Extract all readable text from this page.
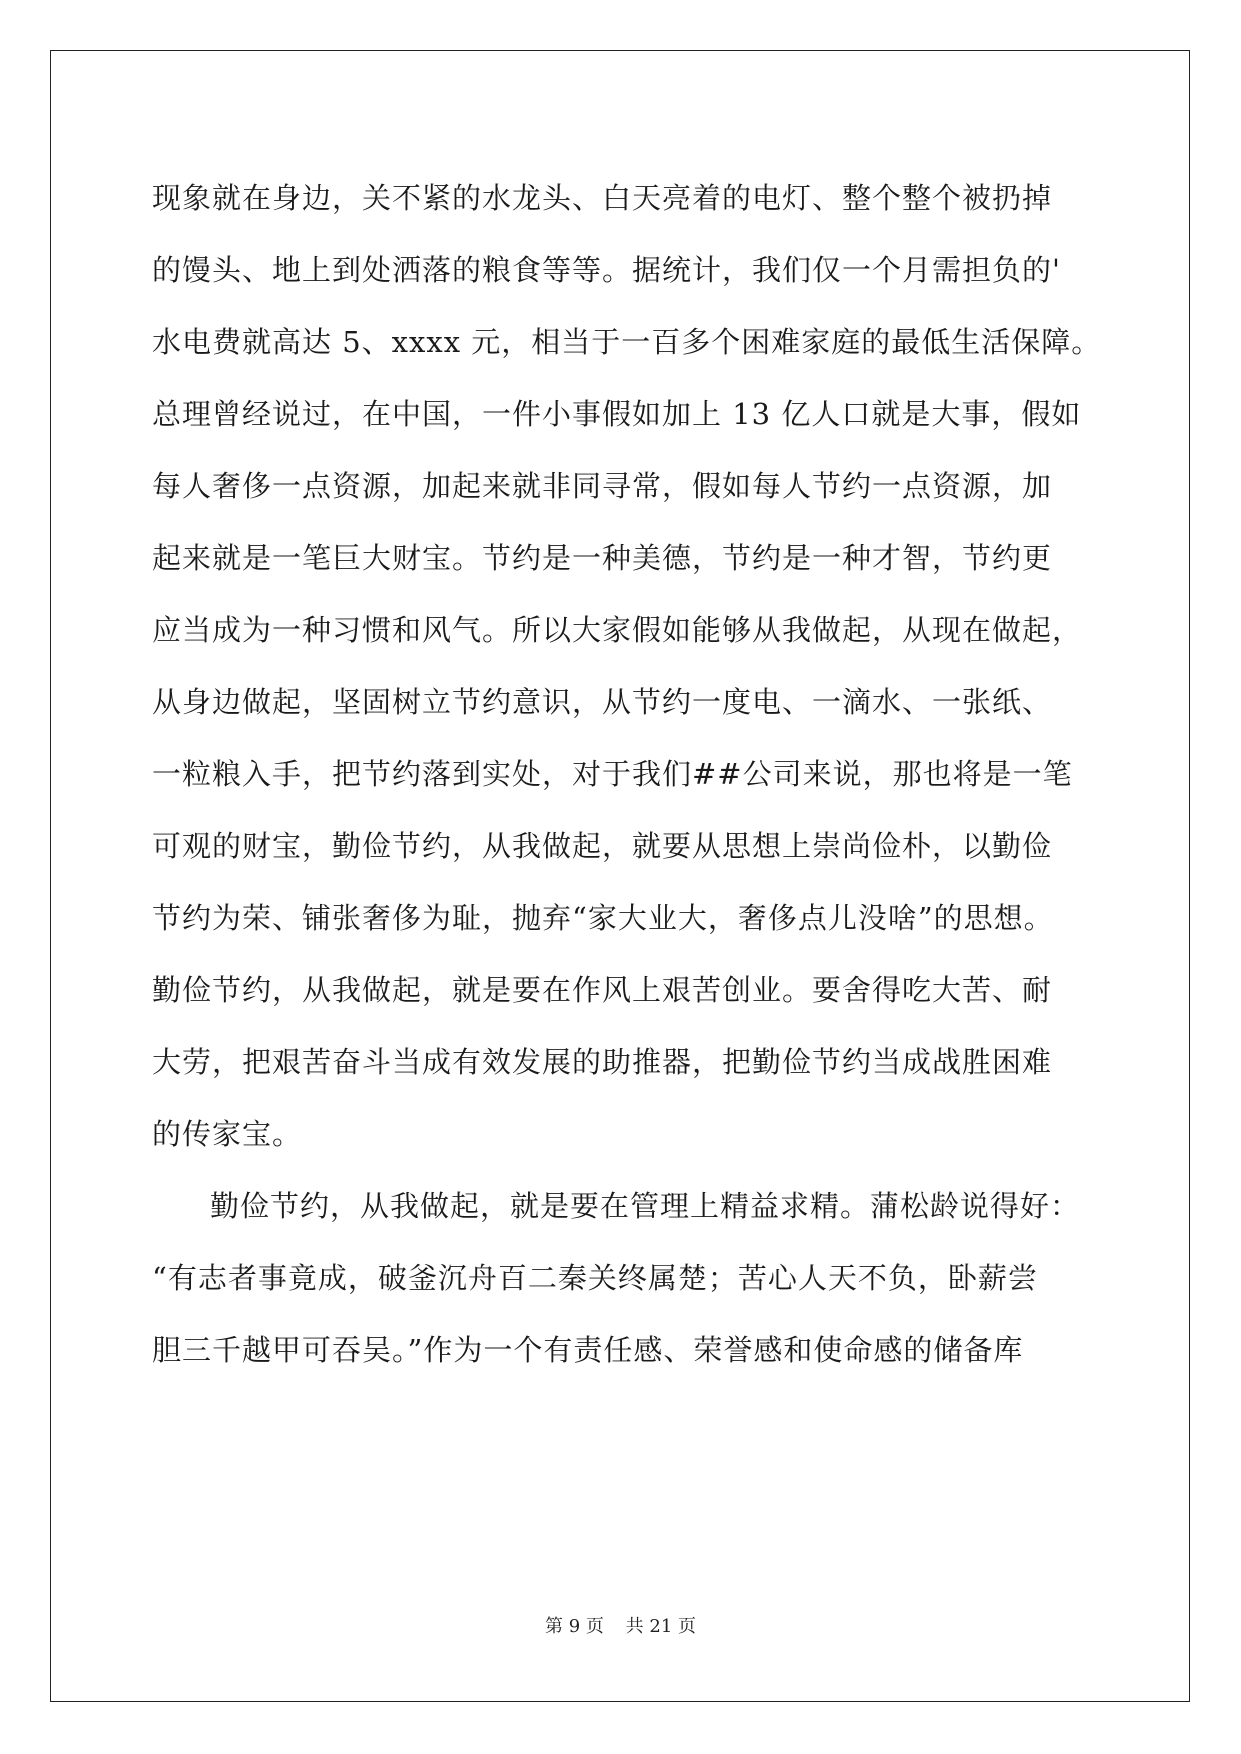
现象就在身边，关不紧的水龙头、白天亮着的电灯、整个整个被扔掉
的馒头、地上到处洒落的粮食等等。据统计，我们仅一个月需担负的'
水电费就高达 5、xxxx 元，相当于一百多个困难家庭的最低生活保障。
总理曾经说过，在中国，一件小事假如加上 13 亿人口就是大事，假如
每人奢侈一点资源，加起来就非同寻常，假如每人节约一点资源，加
起来就是一笔巨大财宝。节约是一种美德，节约是一种才智，节约更
应当成为一种习惯和风气。所以大家假如能够从我做起，从现在做起，
从身边做起，坚固树立节约意识，从节约一度电、一滴水、一张纸、
一粒粮入手，把节约落到实处，对于我们##公司来说，那也将是一笔
可观的财宝，勤俭节约，从我做起，就要从思想上崇尚俭朴，以勤俭
节约为荣、铺张奢侈为耻，抛弃“家大业大，奢侈点儿没啥”的思想。
勤俭节约，从我做起，就是要在作风上艰苦创业。要舍得吃大苦、耐
大劳，把艰苦奋斗当成有效发展的助推器，把勤俭节约当成战胜困难
的传家宝。
勤俭节约，从我做起，就是要在管理上精益求精。蒲松龄说得好：
“有志者事竟成，破釜沉舟百二秦关终属楚；苦心人天不负，卧薪尝
胆三千越甲可吞吴。”作为一个有责任感、荣誉感和使命感的储备库
第 9 页 共 21 页
